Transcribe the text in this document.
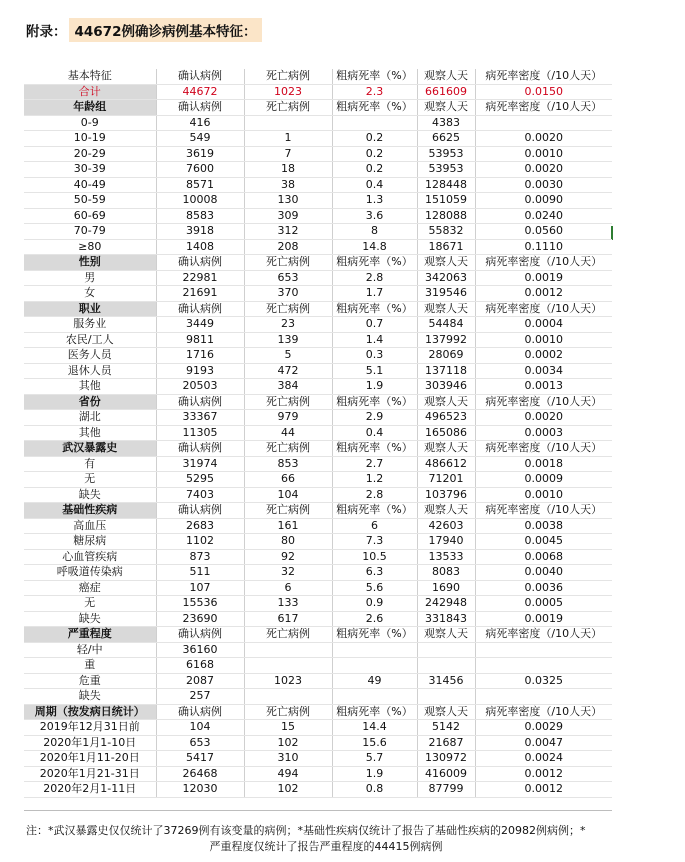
附录： 44672例确诊病例基本特征：
基本特征	确认病例	死亡病例	粗病死率（%）	观察人天	病死率密度（/10人天）
合计	44672	1023	2.3	661609	0.0150
年龄组	确认病例	死亡病例	粗病死率（%）	观察人天	病死率密度（/10人天）
0-9	416			4383	
10-19	549	1	0.2	6625	0.0020
20-29	3619	7	0.2	53953	0.0010
30-39	7600	18	0.2	53953	0.0020
40-49	8571	38	0.4	128448	0.0030
50-59	10008	130	1.3	151059	0.0090
60-69	8583	309	3.6	128088	0.0240
70-79	3918	312	8	55832	0.0560
≥80	1408	208	14.8	18671	0.1110
性别	确认病例	死亡病例	粗病死率（%）	观察人天	病死率密度（/10人天）
男	22981	653	2.8	342063	0.0019
女	21691	370	1.7	319546	0.0012
职业	确认病例	死亡病例	粗病死率（%）	观察人天	病死率密度（/10人天）
服务业	3449	23	0.7	54484	0.0004
农民/工人	9811	139	1.4	137992	0.0010
医务人员	1716	5	0.3	28069	0.0002
退休人员	9193	472	5.1	137118	0.0034
其他	20503	384	1.9	303946	0.0013
省份	确认病例	死亡病例	粗病死率（%）	观察人天	病死率密度（/10人天）
湖北	33367	979	2.9	496523	0.0020
其他	11305	44	0.4	165086	0.0003
武汉暴露史	确认病例	死亡病例	粗病死率（%）	观察人天	病死率密度（/10人天）
有	31974	853	2.7	486612	0.0018
无	5295	66	1.2	71201	0.0009
缺失	7403	104	2.8	103796	0.0010
基础性疾病	确认病例	死亡病例	粗病死率（%）	观察人天	病死率密度（/10人天）
高血压	2683	161	6	42603	0.0038
糖尿病	1102	80	7.3	17940	0.0045
心血管疾病	873	92	10.5	13533	0.0068
呼吸道传染病	511	32	6.3	8083	0.0040
癌症	107	6	5.6	1690	0.0036
无	15536	133	0.9	242948	0.0005
缺失	23690	617	2.6	331843	0.0019
严重程度	确认病例	死亡病例	粗病死率（%）	观察人天	病死率密度（/10人天）
轻/中	36160				
重	6168				
危重	2087	1023	49	31456	0.0325
缺失	257				
周期（按发病日统计）	确认病例	死亡病例	粗病死率（%）	观察人天	病死率密度（/10人天）
2019年12月31日前	104	15	14.4	5142	0.0029
2020年1月1-10日	653	102	15.6	21687	0.0047
2020年1月11-20日	5417	310	5.7	130972	0.0024
2020年1月21-31日	26468	494	1.9	416009	0.0012
2020年2月1-11日	12030	102	0.8	87799	0.0012
注：*武汉暴露史仅仅统计了37269例有该变量的病例；*基础性疾病仅统计了报告了基础性疾病的20982例病例；*
严重程度仅统计了报告严重程度的44415例病例
